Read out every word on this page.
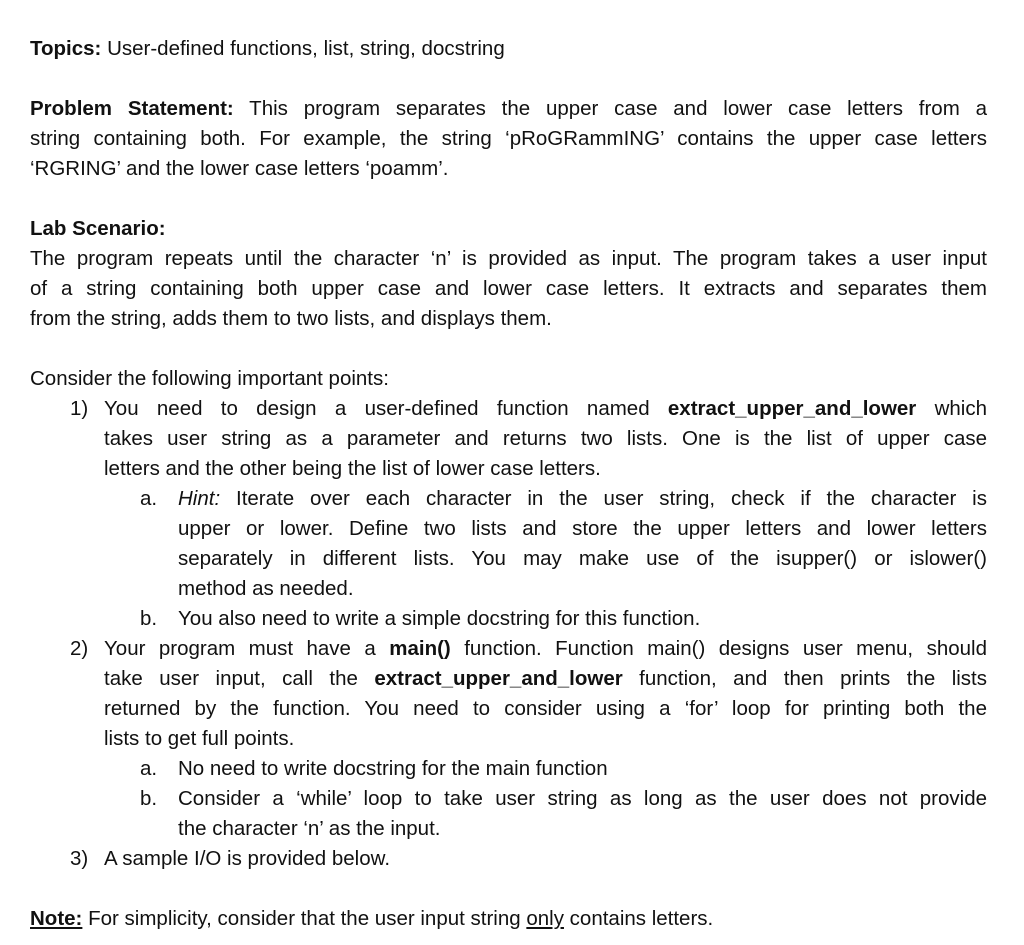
Topics: User-defined functions, list, string, docstring
Problem Statement: This program separates the upper case and lower case letters from a
string containing both. For example, the string ‘pRoGRammING’ contains the upper case letters
‘RGRING’ and the lower case letters ‘poamm’.
Lab Scenario:
The program repeats until the character ‘n’ is provided as input. The program takes a user input
of a string containing both upper case and lower case letters. It extracts and separates them
from the string, adds them to two lists, and displays them.
Consider the following important points:
1) You need to design a user-defined function named extract_upper_and_lower which
takes user string as a parameter and returns two lists. One is the list of upper case
letters and the other being the list of lower case letters.
a. Hint: Iterate over each character in the user string, check if the character is
upper or lower. Define two lists and store the upper letters and lower letters
separately in different lists. You may make use of the isupper() or islower()
method as needed.
b. You also need to write a simple docstring for this function.
2) Your program must have a main() function. Function main() designs user menu, should
take user input, call the extract_upper_and_lower function, and then prints the lists
returned by the function. You need to consider using a ‘for’ loop for printing both the
lists to get full points.
a. No need to write docstring for the main function
b. Consider a ‘while’ loop to take user string as long as the user does not provide
the character ‘n’ as the input.
3) A sample I/O is provided below.
Note: For simplicity, consider that the user input string only contains letters.
